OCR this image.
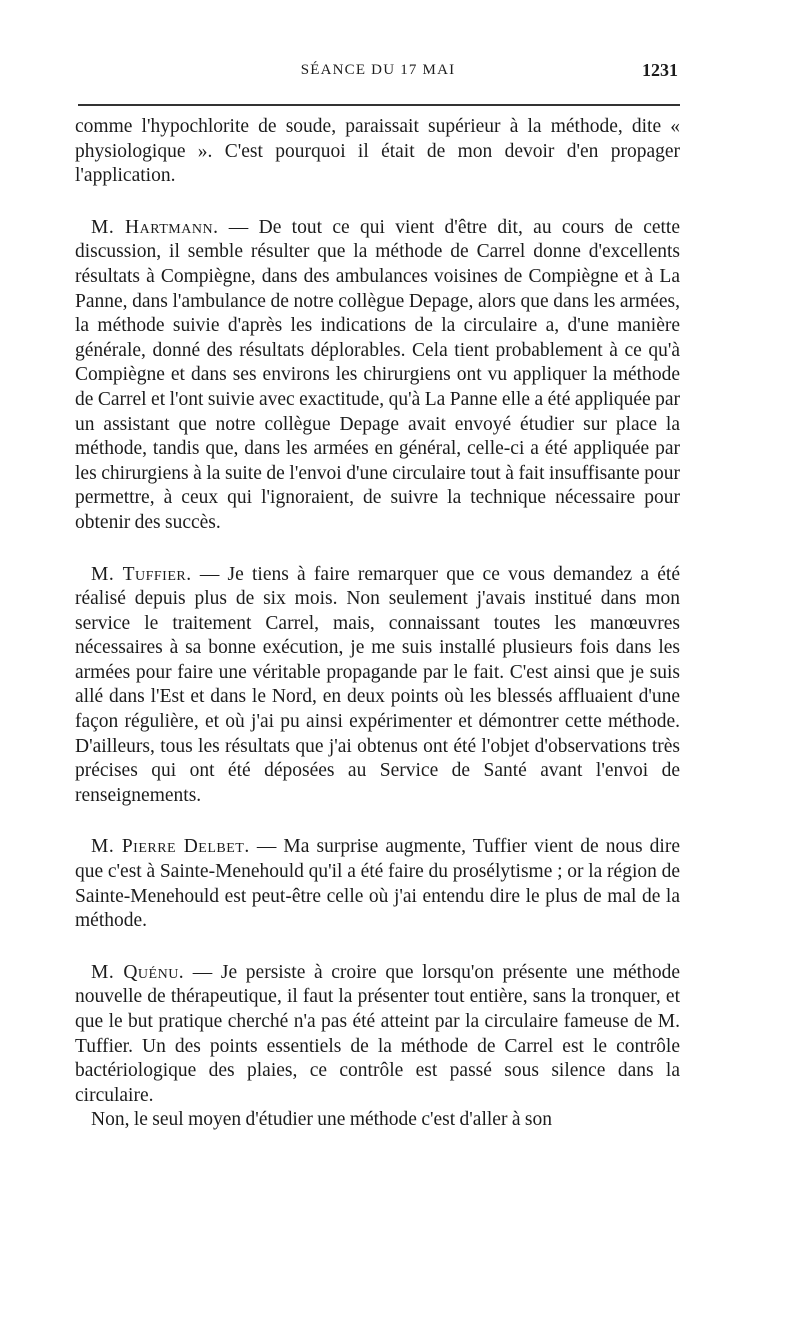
SÉANCE DU 17 MAI	1231

comme l'hypochlorite de soude, paraissait supérieur à la méthode, dite « physiologique ». C'est pourquoi il était de mon devoir d'en propager l'application.

M. Hartmann. — De tout ce qui vient d'être dit, au cours de cette discussion, il semble résulter que la méthode de Carrel donne d'excellents résultats à Compiègne, dans des ambulances voisines de Compiègne et à La Panne, dans l'ambulance de notre collègue Depage, alors que dans les armées, la méthode suivie d'après les indications de la circulaire a, d'une manière générale, donné des résultats déplorables. Cela tient probablement à ce qu'à Compiègne et dans ses environs les chirurgiens ont vu appliquer la méthode de Carrel et l'ont suivie avec exactitude, qu'à La Panne elle a été appliquée par un assistant que notre collègue Depage avait envoyé étudier sur place la méthode, tandis que, dans les armées en général, celle-ci a été appliquée par les chirurgiens à la suite de l'envoi d'une circulaire tout à fait insuffisante pour permettre, à ceux qui l'ignoraient, de suivre la technique nécessaire pour obtenir des succès.

M. Tuffier. — Je tiens à faire remarquer que ce vous demandez a été réalisé depuis plus de six mois. Non seulement j'avais institué dans mon service le traitement Carrel, mais, connaissant toutes les manœuvres nécessaires à sa bonne exécution, je me suis installé plusieurs fois dans les armées pour faire une véritable propagande par le fait. C'est ainsi que je suis allé dans l'Est et dans le Nord, en deux points où les blessés affluaient d'une façon régulière, et où j'ai pu ainsi expérimenter et démontrer cette méthode. D'ailleurs, tous les résultats que j'ai obtenus ont été l'objet d'observations très précises qui ont été déposées au Service de Santé avant l'envoi de renseignements.

M. Pierre Delbet. — Ma surprise augmente, Tuffier vient de nous dire que c'est à Sainte-Menehould qu'il a été faire du prosélytisme ; or la région de Sainte-Menehould est peut-être celle où j'ai entendu dire le plus de mal de la méthode.

M. Quénu. — Je persiste à croire que lorsqu'on présente une méthode nouvelle de thérapeutique, il faut la présenter tout entière, sans la tronquer, et que le but pratique cherché n'a pas été atteint par la circulaire fameuse de M. Tuffier. Un des points essentiels de la méthode de Carrel est le contrôle bactériologique des plaies, ce contrôle est passé sous silence dans la circulaire.

Non, le seul moyen d'étudier une méthode c'est d'aller à son
